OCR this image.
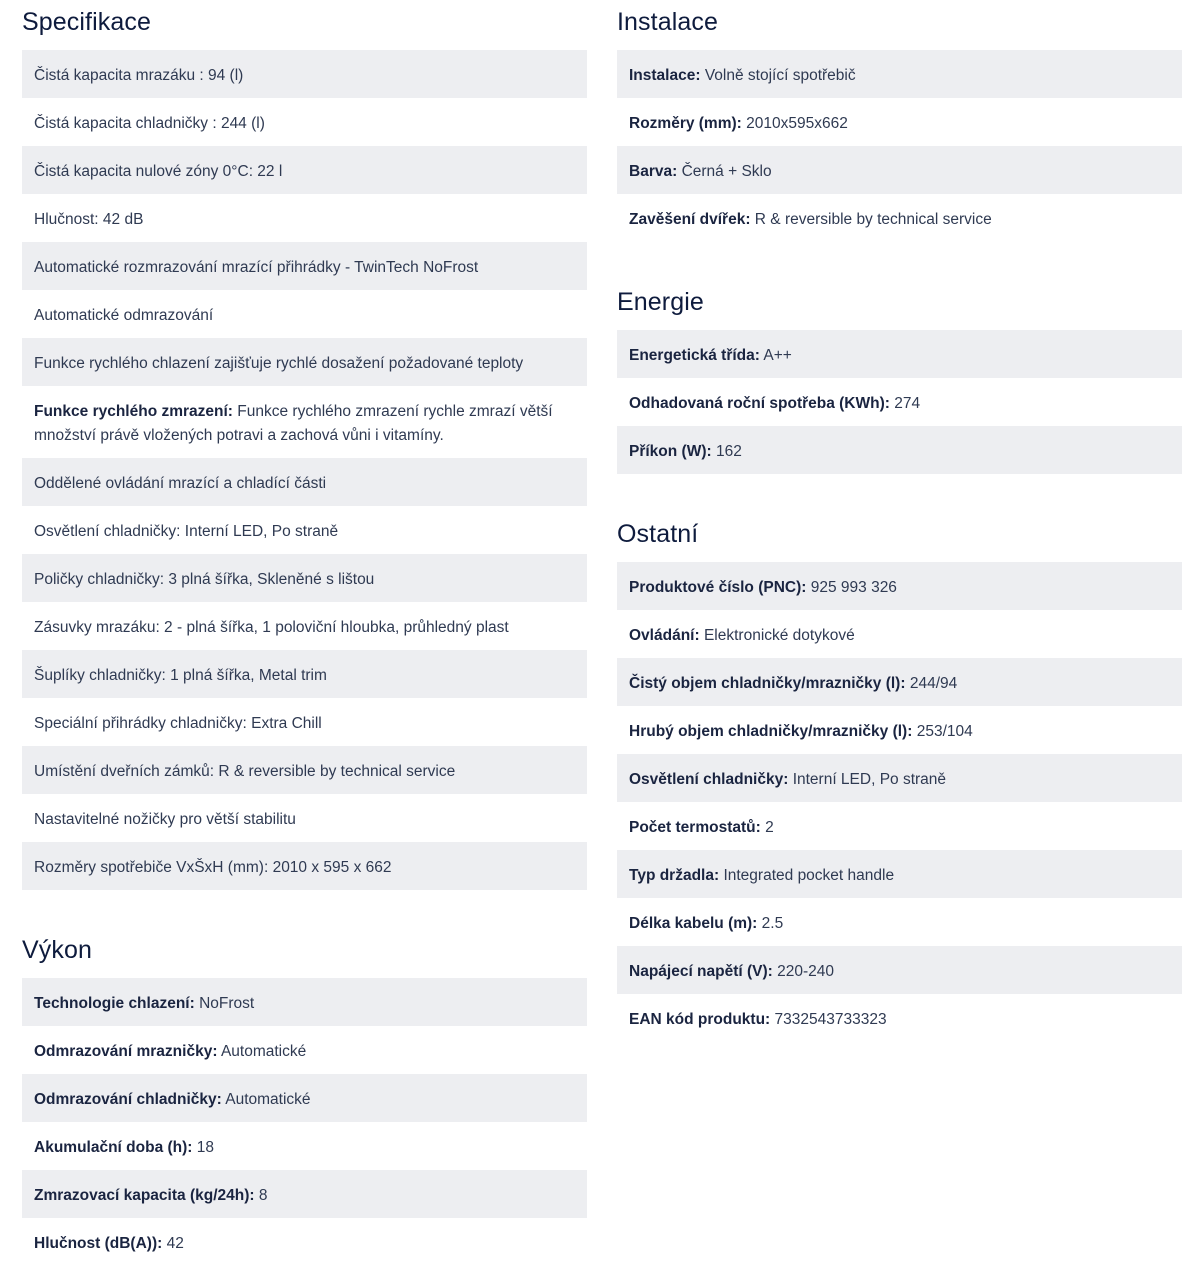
Specifikace
Čistá kapacita mrazáku : 94 (l)
Čistá kapacita chladničky : 244 (l)
Čistá kapacita nulové zóny 0°C: 22 l
Hlučnost: 42 dB
Automatické rozmrazování mrazící přihrádky - TwinTech NoFrost
Automatické odmrazování
Funkce rychlého chlazení zajišťuje rychlé dosažení požadované teploty
Funkce rychlého zmrazení: Funkce rychlého zmrazení rychle zmrazí větší množství právě vložených potravi a zachová vůni i vitamíny.
Oddělené ovládání mrazící a chladící části
Osvětlení chladničky: Interní LED, Po straně
Poličky chladničky: 3 plná šířka, Skleněné s lištou
Zásuvky mrazáku: 2 - plná šířka, 1 poloviční hloubka, průhledný plast
Šuplíky chladničky: 1 plná šířka, Metal trim
Speciální přihrádky chladničky: Extra Chill
Umístění dveřních zámků: R & reversible by technical service
Nastavitelné nožičky pro větší stabilitu
Rozměry spotřebiče VxŠxH (mm): 2010 x 595 x 662
Výkon
Technologie chlazení: NoFrost
Odmrazování mrazničky: Automatické
Odmrazování chladničky: Automatické
Akumulační doba (h): 18
Zmrazovací kapacita (kg/24h): 8
Hlučnost (dB(A)): 42
Instalace
Instalace: Volně stojící spotřebič
Rozměry (mm): 2010x595x662
Barva: Černá + Sklo
Zavěšení dvířek: R & reversible by technical service
Energie
Energetická třída: A++
Odhadovaná roční spotřeba (KWh): 274
Příkon (W): 162
Ostatní
Produktové číslo (PNC): 925 993 326
Ovládání: Elektronické dotykové
Čistý objem chladničky/mrazničky (l): 244/94
Hrubý objem chladničky/mrazničky (l): 253/104
Osvětlení chladničky: Interní LED, Po straně
Počet termostatů: 2
Typ držadla: Integrated pocket handle
Délka kabelu (m): 2.5
Napájecí napětí (V): 220-240
EAN kód produktu: 7332543733323
